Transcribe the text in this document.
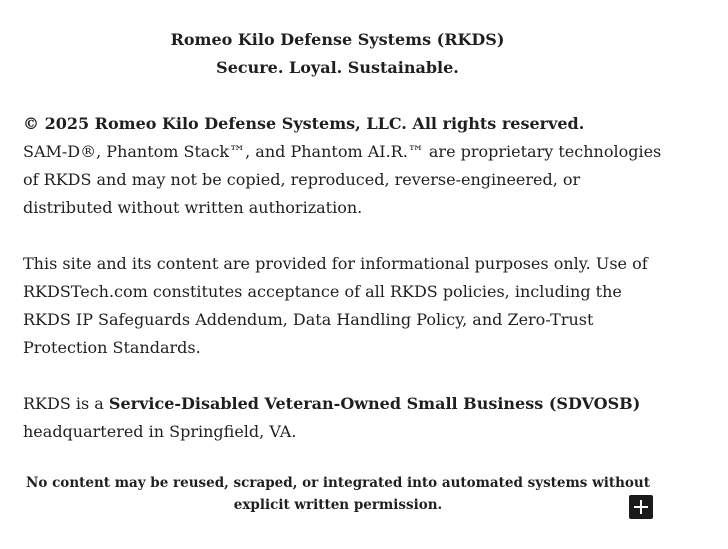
Romeo Kilo Defense Systems (RKDS)
Secure. Loyal. Sustainable.
© 2025 Romeo Kilo Defense Systems, LLC. All rights reserved.
SAM-D®, Phantom Stack™, and Phantom AI.R.™ are proprietary technologies of RKDS and may not be copied, reproduced, reverse-engineered, or distributed without written authorization.
This site and its content are provided for informational purposes only. Use of RKDSTech.com constitutes acceptance of all RKDS policies, including the RKDS IP Safeguards Addendum, Data Handling Policy, and Zero-Trust Protection Standards.
RKDS is a Service-Disabled Veteran-Owned Small Business (SDVOSB)
headquartered in Springfield, VA.
No content may be reused, scraped, or integrated into automated systems without explicit written permission.
